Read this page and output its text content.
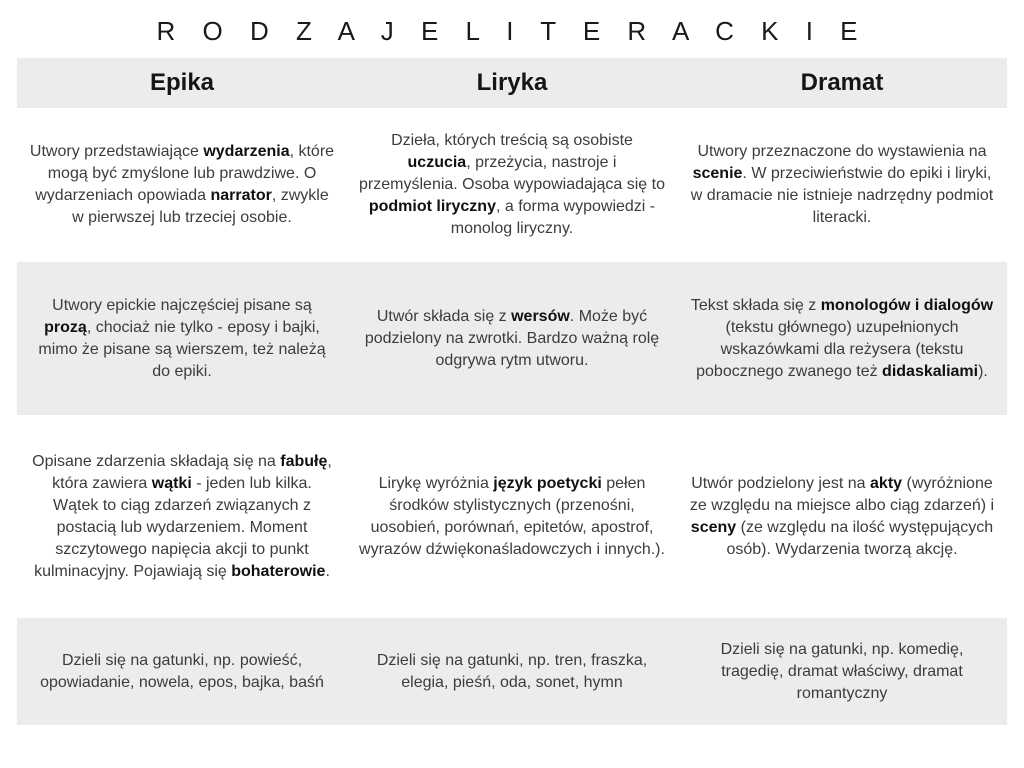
R O D Z A J E L I T E R A C K I E
Epika	Liryka	Dramat
Utwory przedstawiające wydarzenia, które mogą być zmyślone lub prawdziwe. O wydarzeniach opowiada narrator, zwykle w pierwszej lub trzeciej osobie.
Dzieła, których treścią są osobiste uczucia, przeżycia, nastroje i przemyślenia. Osoba wypowiadająca się to podmiot liryczny, a forma wypowiedzi - monolog liryczny.
Utwory przeznaczone do wystawienia na scenie. W przeciwieństwie do epiki i liryki, w dramacie nie istnieje nadrzędny podmiot literacki.
Utwory epickie najczęściej pisane są prozą, chociaż nie tylko - eposy i bajki, mimo że pisane są wierszem, też należą do epiki.
Utwór składa się z wersów. Może być podzielony na zwrotki. Bardzo ważną rolę odgrywa rytm utworu.
Tekst składa się z monologów i dialogów (tekstu głównego) uzupełnionych wskazówkami dla reżysera (tekstu pobocznego zwanego też didaskaliami).
Opisane zdarzenia składają się na fabułę, która zawiera wątki - jeden lub kilka. Wątek to ciąg zdarzeń związanych z postacią lub wydarzeniem. Moment szczytowego napięcia akcji to punkt kulminacyjny. Pojawiają się bohaterowie.
Lirykę wyróżnia język poetycki pełen środków stylistycznych (przenośni, uosobień, porównań, epitetów, apostrof, wyrazów dźwiękonaśladowczych i innych.).
Utwór podzielony jest na akty (wyróżnione ze względu na miejsce albo ciąg zdarzeń) i sceny (ze względu na ilość występujących osób). Wydarzenia tworzą akcję.
Dzieli się na gatunki, np. powieść, opowiadanie, nowela, epos, bajka, baśń
Dzieli się na gatunki, np. tren, fraszka, elegia, pieśń, oda, sonet, hymn
Dzieli się na gatunki, np. komedię, tragedię, dramat właściwy, dramat romantyczny
